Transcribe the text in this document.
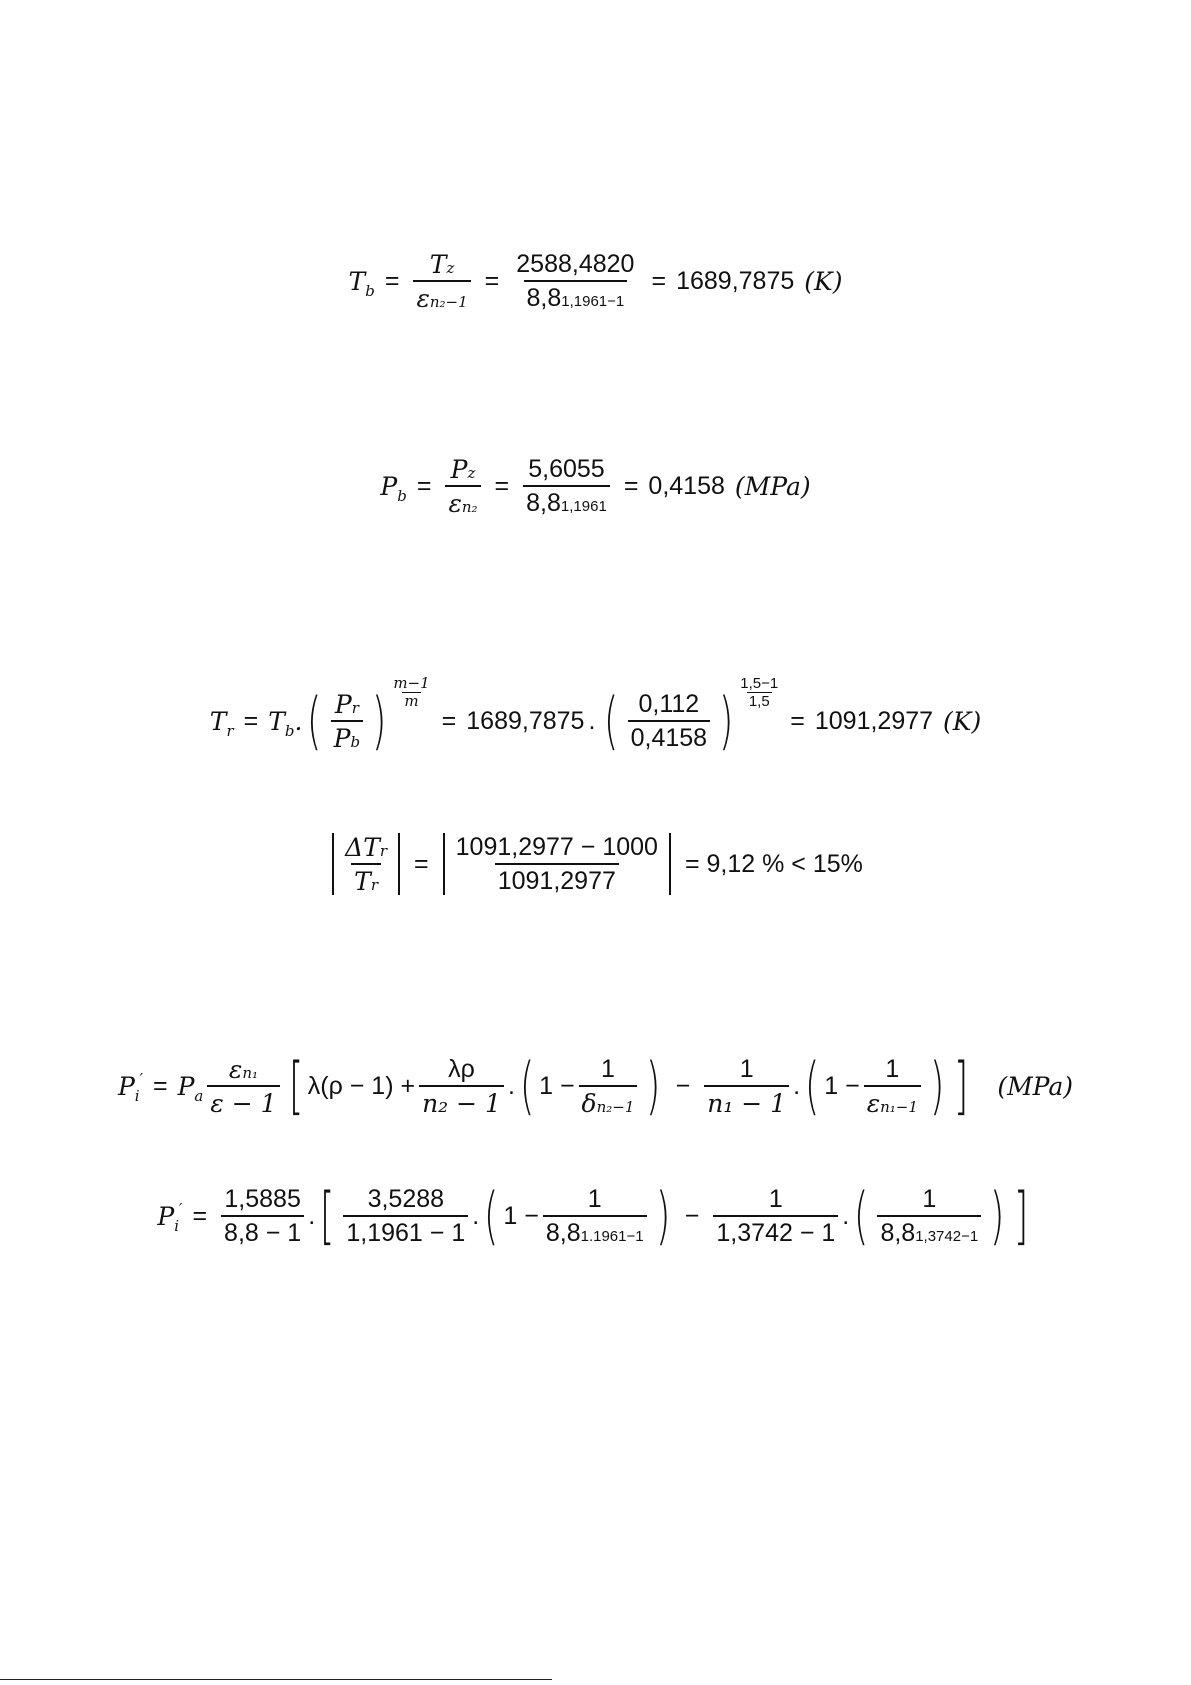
$T_b = \frac{\text{T z}}{\text{ε n₂−1}} = \frac{2588,4820}{8,8 1,1961-1} = 1689,7875$ (K)
$P_b = \frac{\text{P z}}{\text{ε n₂}} = \frac{5,6055}{8,8 1,1961} = 0,4158$ (MPa)
$T_r = T_b$. ( $\frac{\text{P r}}{\text{P b}}$ ) $\frac{m-1}{m}$
= 1689,7875 . ( $\frac{0,112}{0,4158}$ ) $\frac{1,5-1}{1,5}$
= 1091,2977 (K)
$\frac{\text{ΔT r}}{\text{T r}} = \frac{1091,2977 - 1000}{1091,2977} = 9,12$ % < 15%
$P_i' = P_a \frac{\text{ε n₁}}{\varepsilon - 1}$ [ $\lambda(\rho - 1) + \frac{\lambda\rho}{\text{n₂ − 1}}$ . ( $1 - \frac{1}{\text{δ n₂−1}}$ ) − $\frac{1}{\text{n₁ − 1}}$ . ( $1 - \frac{1}{\text{ε n₁−1}}$ ) ] (MPa)
$P_i' = \frac{1,5885}{8,8 - 1}$ . [ $\frac{3,5288}{1,1961 - 1}$ . ( $1 - \frac{1}{8,8 1.1961-1}$ ) − $\frac{1}{1,3742 - 1}$ . ( $\frac{1}{8,8 1,3742-1}$ ) ]
